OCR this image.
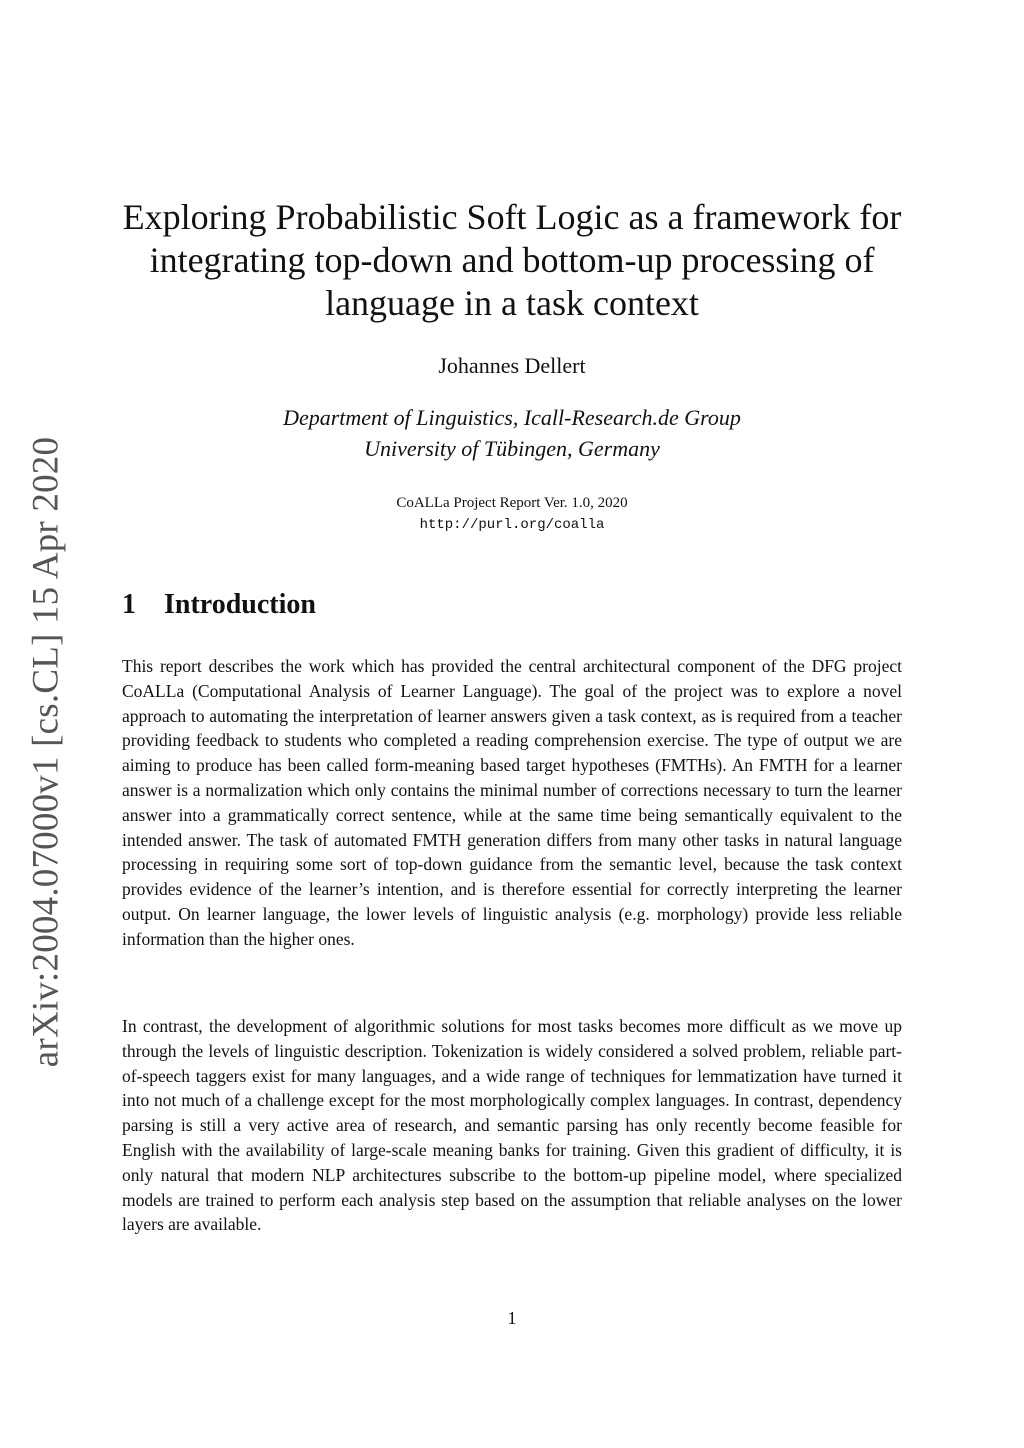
arXiv:2004.07000v1 [cs.CL] 15 Apr 2020
Exploring Probabilistic Soft Logic as a framework for
integrating top-down and bottom-up processing of
language in a task context
Johannes Dellert
Department of Linguistics, Icall-Research.de Group
University of Tübingen, Germany
CoALLa Project Report Ver. 1.0, 2020
http://purl.org/coalla
1 Introduction

This report describes the work which has provided the central architectural component of the DFG project CoALLa (Computational Analysis of Learner Language). The goal of the project was to explore a novel approach to automating the interpretation of learner answers given a task context, as is required from a teacher providing feedback to students who completed a reading comprehension exercise. The type of output we are aiming to produce has been called form-meaning based target hypotheses (FMTHs). An FMTH for a learner answer is a normalization which only contains the minimal number of corrections necessary to turn the learner answer into a grammatically correct sentence, while at the same time being semantically equivalent to the intended answer. The task of automated FMTH generation differs from many other tasks in natural language processing in requiring some sort of top-down guidance from the semantic level, because the task context provides evidence of the learner’s intention, and is therefore essential for correctly interpreting the learner output. On learner language, the lower levels of linguistic analysis (e.g. morphology) provide less reliable information than the higher ones.

In contrast, the development of algorithmic solutions for most tasks becomes more difficult as we move up through the levels of linguistic description. Tokenization is widely considered a solved problem, reliable part-of-speech taggers exist for many languages, and a wide range of techniques for lemmatization have turned it into not much of a challenge except for the most morphologically complex languages. In contrast, dependency parsing is still a very active area of research, and semantic parsing has only recently become feasible for English with the availability of large-scale meaning banks for training. Given this gradient of difficulty, it is only natural that modern NLP architectures subscribe to the bottom-up pipeline model, where specialized models are trained to perform each analysis step based on the assumption that reliable analyses on the lower layers are available.

1
